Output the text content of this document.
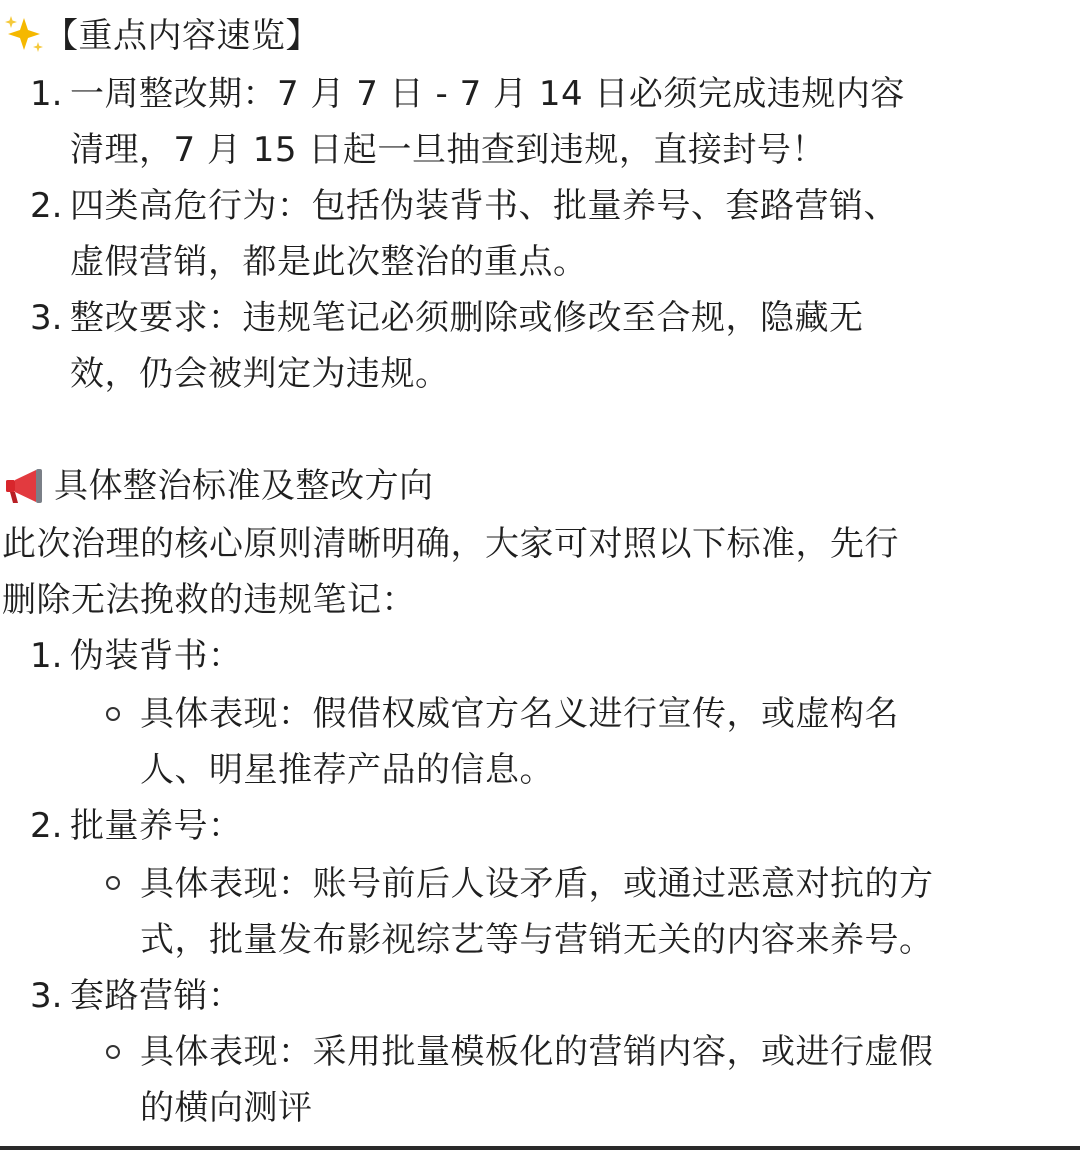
【重点内容速览】
1. 一周整改期：7 月 7 日 - 7 月 14 日必须完成违规内容
清理，7 月 15 日起一旦抽查到违规，直接封号！
2. 四类高危行为：包括伪装背书、批量养号、套路营销、
虚假营销，都是此次整治的重点。
3. 整改要求：违规笔记必须删除或修改至合规，隐藏无
效，仍会被判定为违规。
具体整治标准及整改方向
此次治理的核心原则清晰明确，大家可对照以下标准，先行
删除无法挽救的违规笔记：
1. 伪装背书：
具体表现：假借权威官方名义进行宣传，或虚构名
人、明星推荐产品的信息。
2. 批量养号：
具体表现：账号前后人设矛盾，或通过恶意对抗的方
式，批量发布影视综艺等与营销无关的内容来养号。
3. 套路营销：
具体表现：采用批量模板化的营销内容，或进行虚假
的横向测评
